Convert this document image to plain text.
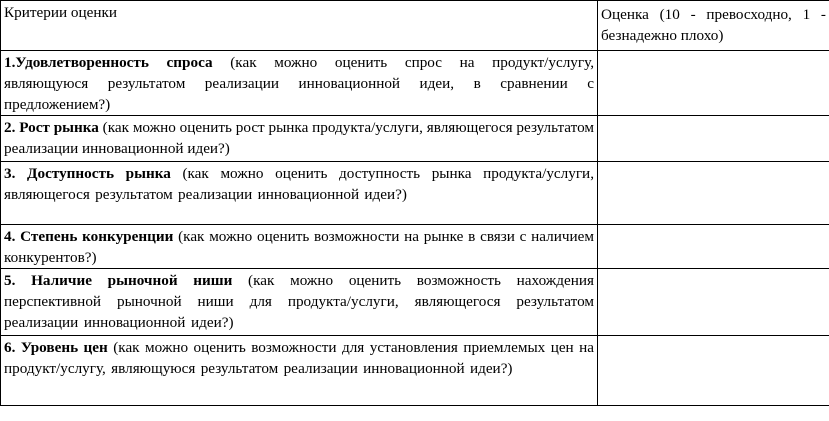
Критерии оценки	Оценка (10 - превосходно, 1 - безнадежно плохо)
1.Удовлетворенность спроса (как можно оценить спрос на продукт/услугу, являющуюся результатом реализации инновационной идеи, в сравнении с предложением?)	
2. Рост рынка (как можно оценить рост рынка продукта/услуги, являющегося результатом реализации инновационной идеи?)	
3. Доступность рынка (как можно оценить доступность рынка продукта/услуги, являющегося результатом реализации инновационной идеи?)	
4. Степень конкуренции (как можно оценить возможности на рынке в связи с наличием конкурентов?)	
5. Наличие рыночной ниши (как можно оценить возможность нахождения перспективной рыночной ниши для продукта/услуги, являющегося результатом реализации инновационной идеи?)	
6. Уровень цен (как можно оценить возможности для установления приемлемых цен на продукт/услугу, являющуюся результатом реализации инновационной идеи?)	
